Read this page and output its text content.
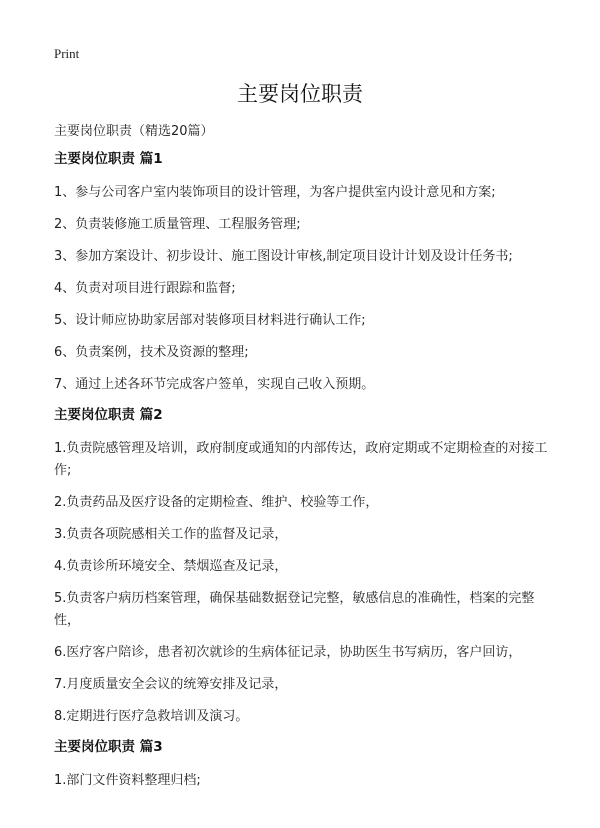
Print
主要岗位职责
主要岗位职责（精选20篇）

主要岗位职责 篇1

1、参与公司客户室内装饰项目的设计管理，为客户提供室内设计意见和方案;

2、负责装修施工质量管理、工程服务管理;

3、参加方案设计、初步设计、施工图设计审核,制定项目设计计划及设计任务书;

4、负责对项目进行跟踪和监督;

5、设计师应协助家居部对装修项目材料进行确认工作;

6、负责案例，技术及资源的整理;

7、通过上述各环节完成客户签单，实现自己收入预期。

主要岗位职责 篇2

1.负责院感管理及培训，政府制度或通知的内部传达，政府定期或不定期检查的对接工作;

2.负责药品及医疗设备的定期检查、维护、校验等工作，

3.负责各项院感相关工作的监督及记录，

4.负责诊所环境安全、禁烟巡查及记录，

5.负责客户病历档案管理，确保基础数据登记完整，敏感信息的准确性，档案的完整性，

6.医疗客户陪诊，患者初次就诊的生病体征记录，协助医生书写病历，客户回访，

7.月度质量安全会议的统筹安排及记录，

8.定期进行医疗急救培训及演习。

主要岗位职责 篇3

1.部门文件资料整理归档;
